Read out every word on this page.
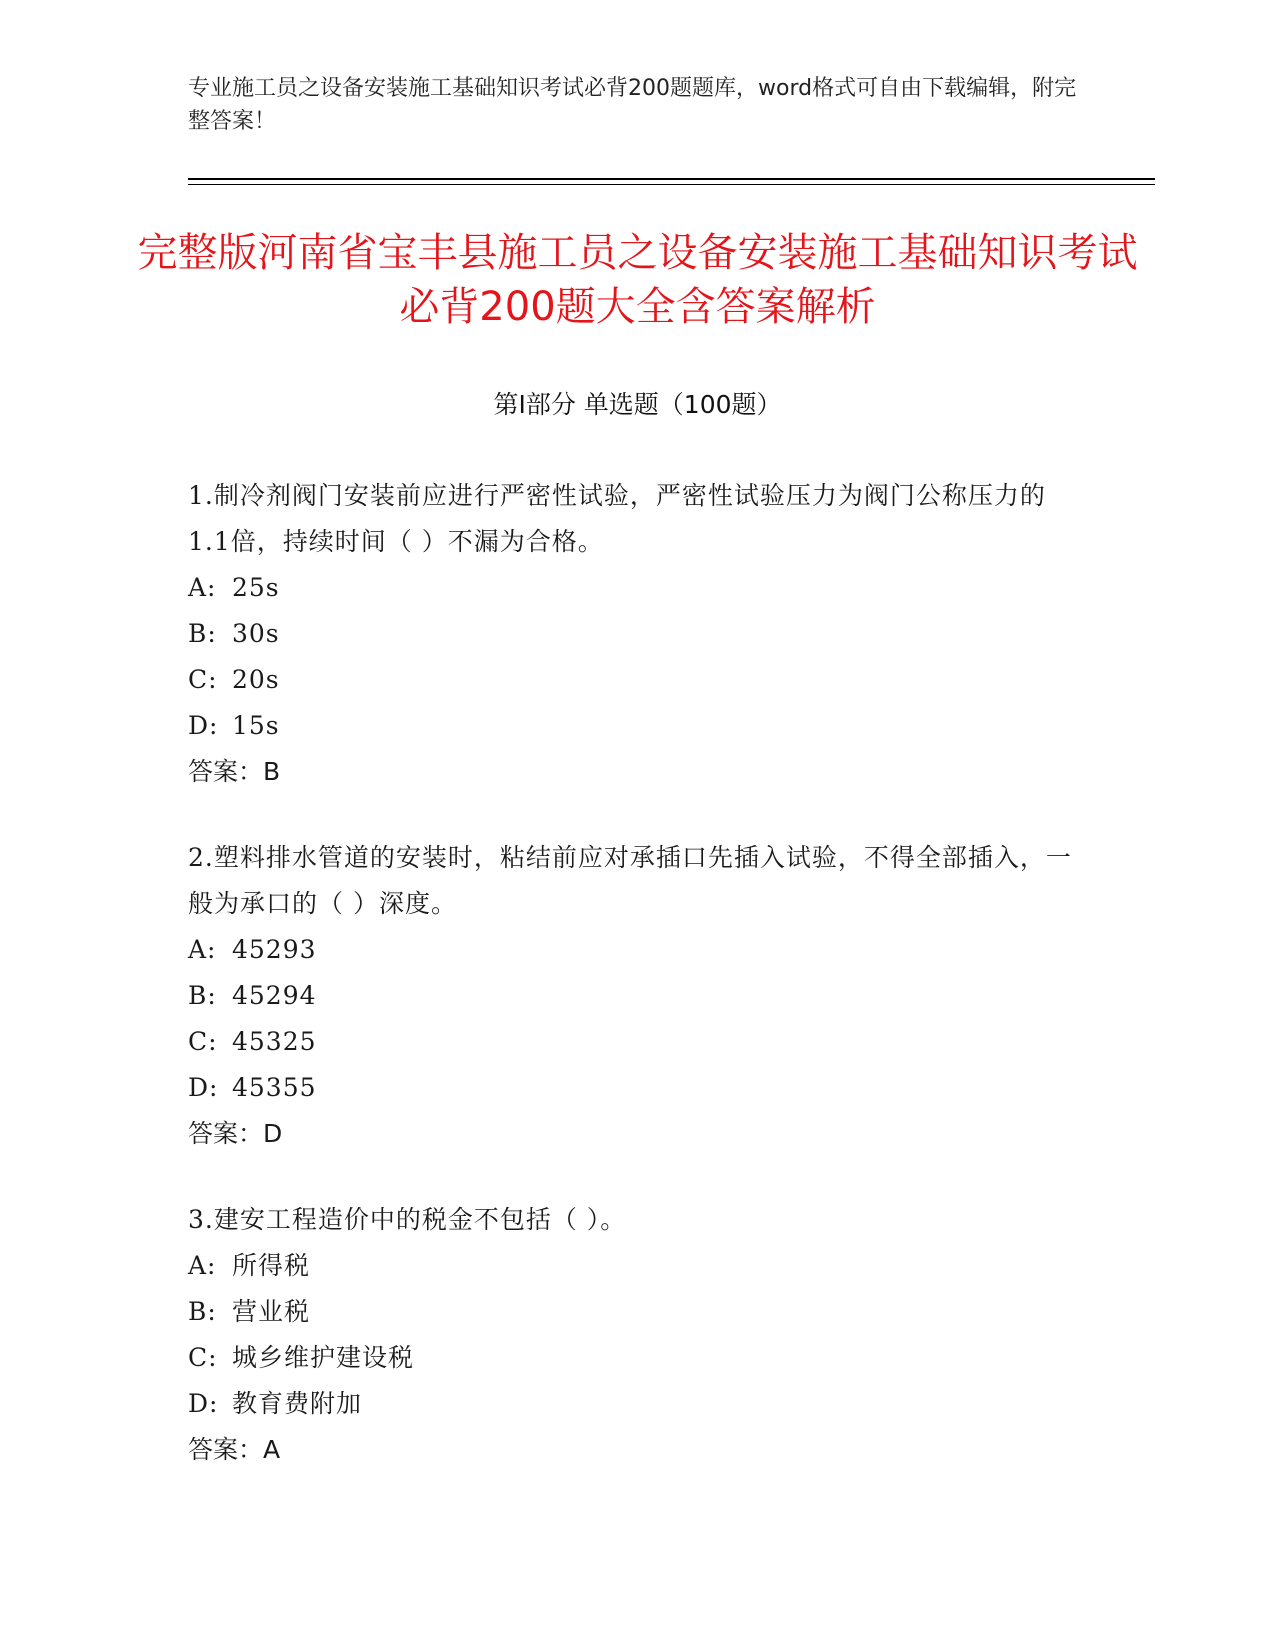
专业施工员之设备安装施工基础知识考试必背200题题库，word格式可自由下载编辑，附完整答案！
完整版河南省宝丰县施工员之设备安装施工基础知识考试必背200题大全含答案解析
第Ⅰ部分 单选题（100题）
1.制冷剂阀门安装前应进行严密性试验，严密性试验压力为阀门公称压力的1.1倍，持续时间（ ）不漏为合格。
A: 25s
B: 30s
C: 20s
D: 15s
答案：B
2.塑料排水管道的安装时，粘结前应对承插口先插入试验，不得全部插入，一般为承口的（ ）深度。
A: 45293
B: 45294
C: 45325
D: 45355
答案：D
3.建安工程造价中的税金不包括（ ）。
A: 所得税
B: 营业税
C: 城乡维护建设税
D: 教育费附加
答案：A
